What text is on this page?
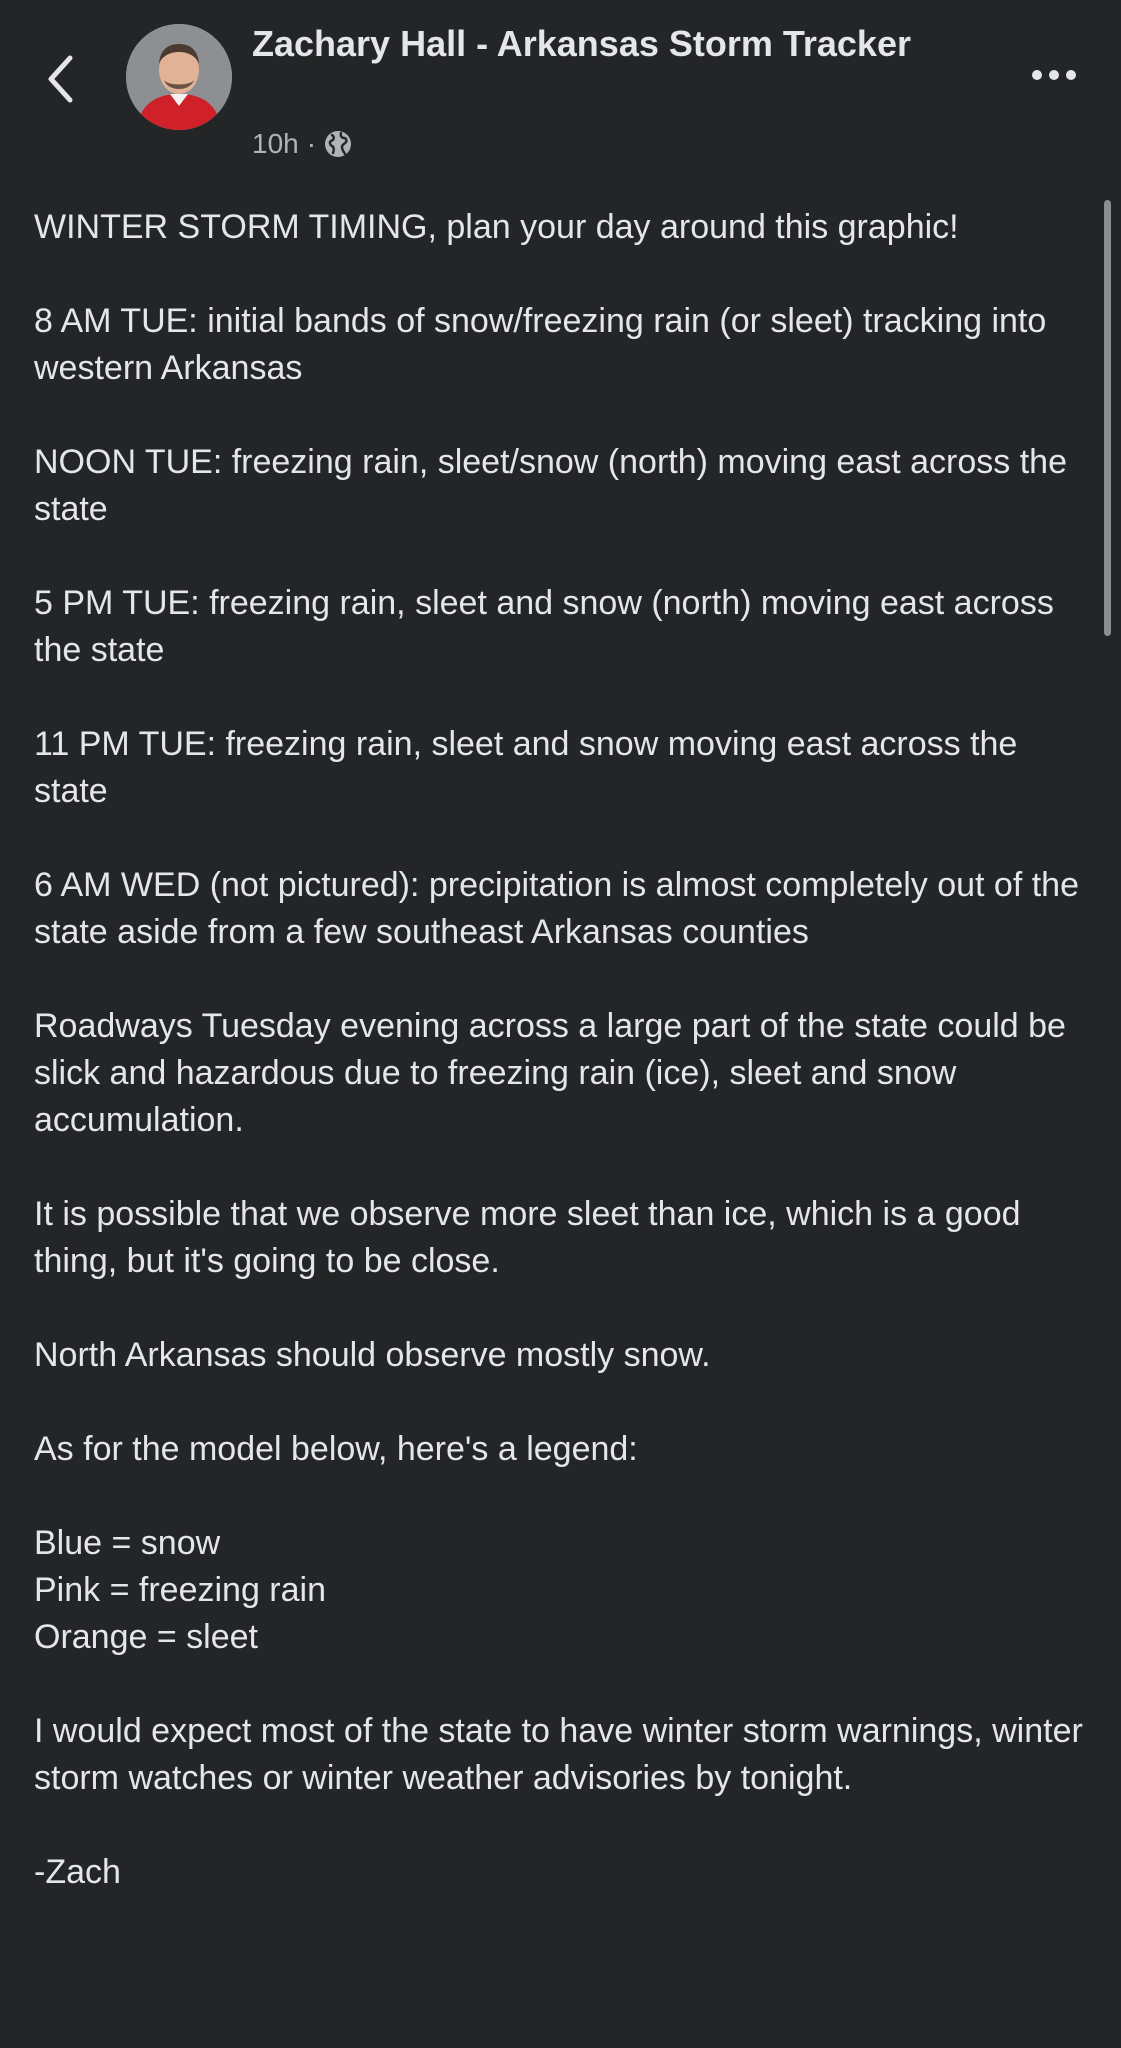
Zachary Hall - Arkansas Storm Tracker
10h ·

WINTER STORM TIMING, plan your day around this graphic!

8 AM TUE: initial bands of snow/freezing rain (or sleet) tracking into western Arkansas

NOON TUE: freezing rain, sleet/snow (north) moving east across the state

5 PM TUE: freezing rain, sleet and snow (north) moving east across the state

11 PM TUE: freezing rain, sleet and snow moving east across the state

6 AM WED (not pictured): precipitation is almost completely out of the state aside from a few southeast Arkansas counties

Roadways Tuesday evening across a large part of the state could be slick and hazardous due to freezing rain (ice), sleet and snow accumulation.

It is possible that we observe more sleet than ice, which is a good thing, but it's going to be close.

North Arkansas should observe mostly snow.

As for the model below, here's a legend:

Blue = snow

Pink = freezing rain

Orange = sleet

I would expect most of the state to have winter storm warnings, winter storm watches or winter weather advisories by tonight.

-Zach
